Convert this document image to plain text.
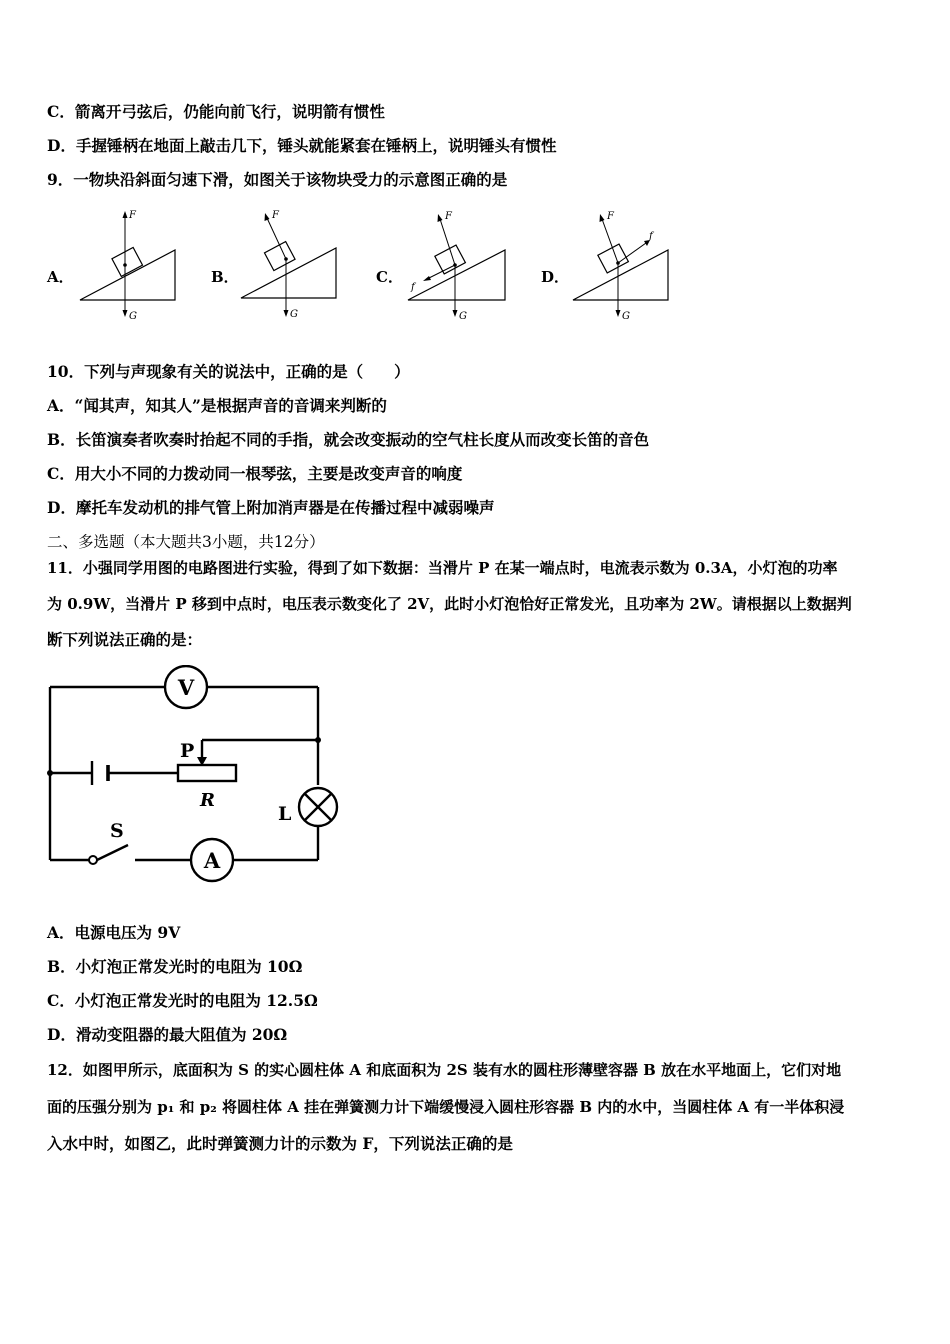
C．箭离开弓弦后，仍能向前飞行，说明箭有惯性
D．手握锤柄在地面上敲击几下，锤头就能紧套在锤柄上，说明锤头有惯性
9．一物块沿斜面匀速下滑，如图关于该物块受力的示意图正确的是
A．	B．	C．	D．
F
G
F
G
F
G
f
F
G
f
10．下列与声现象有关的说法中，正确的是（　　）
A．“闻其声，知其人”是根据声音的音调来判断的
B．长笛演奏者吹奏时抬起不同的手指，就会改变振动的空气柱长度从而改变长笛的音色
C．用大小不同的力拨动同一根琴弦，主要是改变声音的响度
D．摩托车发动机的排气管上附加消声器是在传播过程中减弱噪声
二、多选题（本大题共3小题，共12分）
11．小强同学用图的电路图进行实验，得到了如下数据：当滑片 P 在某一端点时，电流表示数为 0.3A，小灯泡的功率
为 0.9W，当滑片 P 移到中点时，电压表示数变化了 2V，此时小灯泡恰好正常发光，且功率为 2W。请根据以上数据判
断下列说法正确的是：
V
A
P
R
L
S
A．电源电压为 9V
B．小灯泡正常发光时的电阻为 10Ω
C．小灯泡正常发光时的电阻为 12.5Ω
D．滑动变阻器的最大阻值为 20Ω
12．如图甲所示，底面积为 S 的实心圆柱体 A 和底面积为 2S 装有水的圆柱形薄壁容器 B 放在水平地面上，它们对地
面的压强分别为 p₁ 和 p₂ 将圆柱体 A 挂在弹簧测力计下端缓慢浸入圆柱形容器 B 内的水中，当圆柱体 A 有一半体积浸
入水中时，如图乙，此时弹簧测力计的示数为 F，下列说法正确的是
